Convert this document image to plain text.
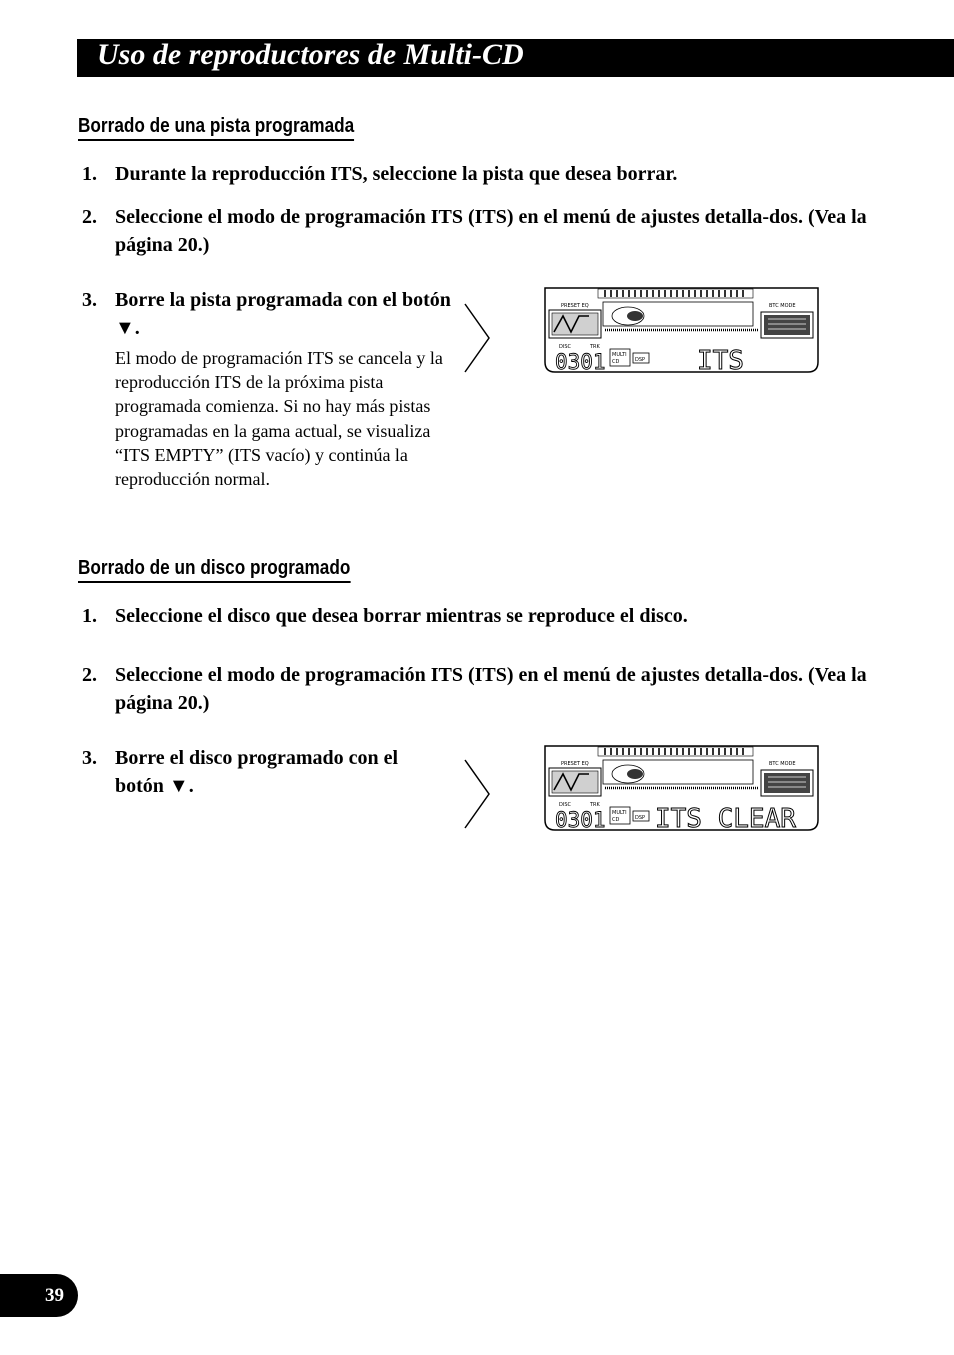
Uso de reproductores de Multi-CD
Borrado de una pista programada
1. Durante la reproducción ITS, seleccione la pista que desea borrar.
2. Seleccione el modo de programación ITS (ITS) en el menú de ajustes detalla-dos. (Vea la página 20.)
3. Borre la pista programada con el botón ▼.
El modo de programación ITS se cancela y la reproducción ITS de la próxima pista programada comienza. Si no hay más pistas programadas en la gama actual, se visualiza “ITS EMPTY” (ITS vacío) y continúa la reproducción normal.
PRESET EQ	BTC MODE
DISC	TRK
0301 MULTI
CD	DSP ITS
Borrado de un disco programado
1. Seleccione el disco que desea borrar mientras se reproduce el disco.
2. Seleccione el modo de programación ITS (ITS) en el menú de ajustes detalla-dos. (Vea la página 20.)
3. Borre el disco programado con el botón ▼.
PRESET EQ	BTC MODE
DISC	TRK
0301 MULTI
CD	DSP ITS CLEAR
39
